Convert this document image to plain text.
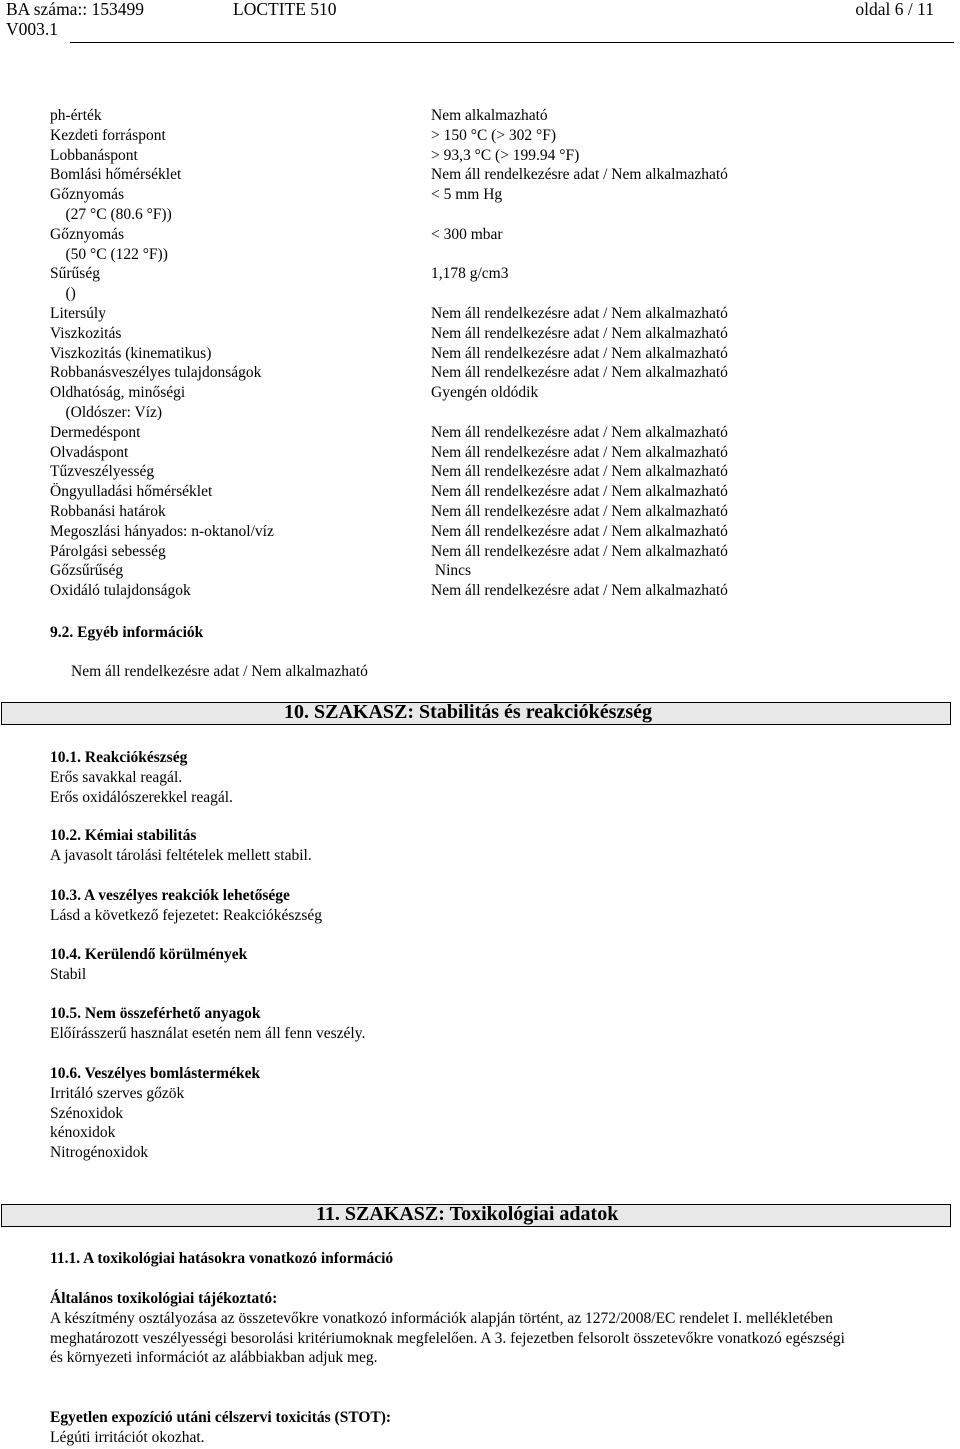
BA száma:: 153499	LOCTITE 510	oldal 6 / 11
V003.1
ph-érték	Nem alkalmazható
Kezdeti forráspont	> 150 °C (> 302 °F)
Lobbanáspont	> 93,3 °C (> 199.94 °F)
Bomlási hőmérséklet	Nem áll rendelkezésre adat / Nem alkalmazható
Gőznyomás	< 5 mm Hg
(27 °C (80.6 °F))
Gőznyomás	< 300 mbar
(50 °C (122 °F))
Sűrűség	1,178 g/cm3
()
Litersúly	Nem áll rendelkezésre adat / Nem alkalmazható
Viszkozitás	Nem áll rendelkezésre adat / Nem alkalmazható
Viszkozitás (kinematikus)	Nem áll rendelkezésre adat / Nem alkalmazható
Robbanásveszélyes tulajdonságok	Nem áll rendelkezésre adat / Nem alkalmazható
Oldhatóság, minőségi	Gyengén oldódik
(Oldószer: Víz)
Dermedéspont	Nem áll rendelkezésre adat / Nem alkalmazható
Olvadáspont	Nem áll rendelkezésre adat / Nem alkalmazható
Tűzveszélyesség	Nem áll rendelkezésre adat / Nem alkalmazható
Öngyulladási hőmérséklet	Nem áll rendelkezésre adat / Nem alkalmazható
Robbanási határok	Nem áll rendelkezésre adat / Nem alkalmazható
Megoszlási hányados: n-oktanol/víz	Nem áll rendelkezésre adat / Nem alkalmazható
Párolgási sebesség	Nem áll rendelkezésre adat / Nem alkalmazható
Gőzsűrűség	Nincs
Oxidáló tulajdonságok	Nem áll rendelkezésre adat / Nem alkalmazható
9.2. Egyéb információk
Nem áll rendelkezésre adat / Nem alkalmazható
10. SZAKASZ: Stabilitás és reakciókészség
10.1. Reakciókészség
Erős savakkal reagál.
Erős oxidálószerekkel reagál.
10.2. Kémiai stabilitás
A javasolt tárolási feltételek mellett stabil.
10.3. A veszélyes reakciók lehetősége
Lásd a következő fejezetet: Reakciókészség
10.4. Kerülendő körülmények
Stabil
10.5. Nem összeférhető anyagok
Előírásszerű használat esetén nem áll fenn veszély.
10.6. Veszélyes bomlástermékek
Irritáló szerves gőzök
Szénoxidok
kénoxidok
Nitrogénoxidok
11. SZAKASZ: Toxikológiai adatok
11.1. A toxikológiai hatásokra vonatkozó információ
Általános toxikológiai tájékoztató:
A készítmény osztályozása az összetevőkre vonatkozó információk alapján történt, az 1272/2008/EC rendelet I. mellékletében
meghatározott veszélyességi besorolási kritériumoknak megfelelően. A 3. fejezetben felsorolt összetevőkre vonatkozó egészségi
és környezeti információt az alábbiakban adjuk meg.
Egyetlen expozíció utáni célszervi toxicitás (STOT):
Légúti irritációt okozhat.
